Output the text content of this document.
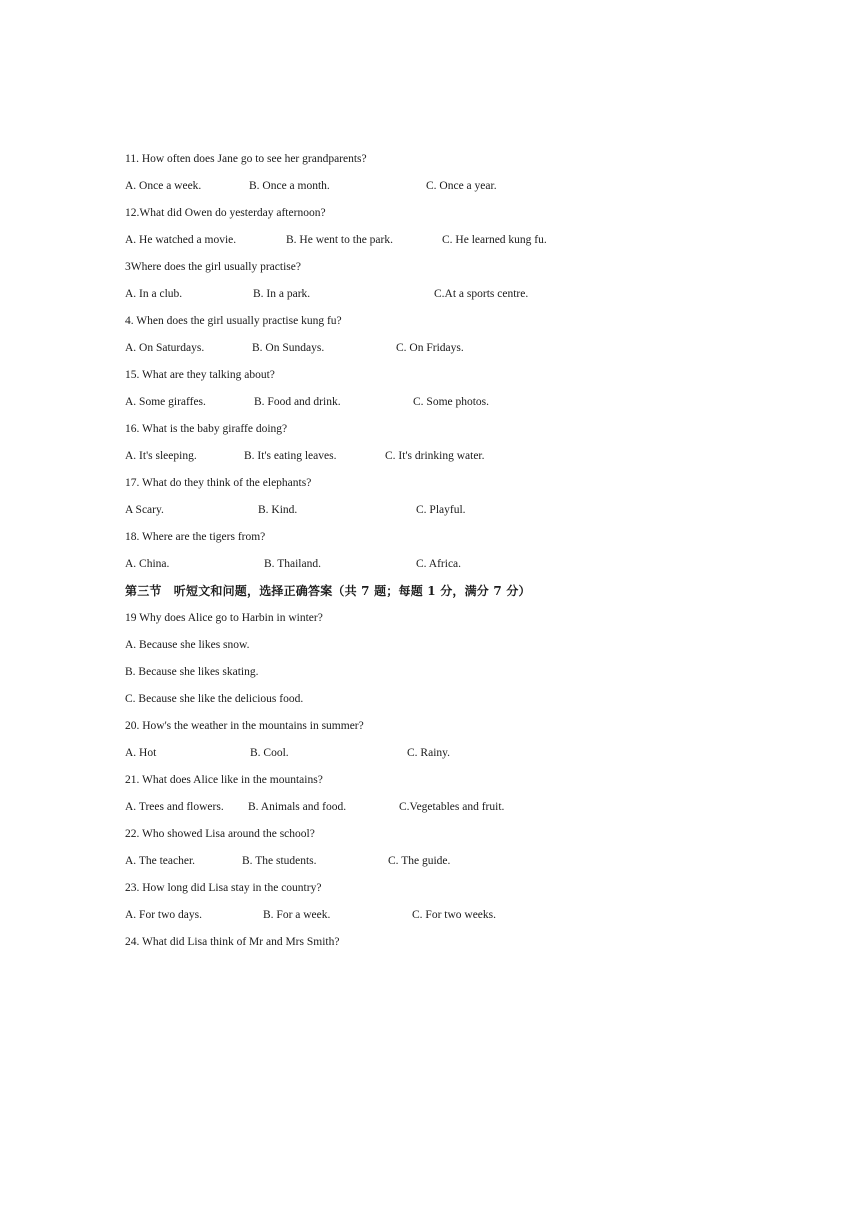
11. How often does Jane go to see her grandparents?
A. Once a week.	B. Once a month.	C. Once a year.
12.What did Owen do yesterday afternoon?
A. He watched a movie.	B. He went to the park.	C. He learned kung fu.
3Where does the girl usually practise?
A. In a club.	B. In a park.	C.At a sports centre.
4. When does the girl usually practise kung fu?
A. On Saturdays.	B. On Sundays.	C. On Fridays.
15. What are they talking about?
A. Some giraffes.	B. Food and drink.	C. Some photos.
16. What is the baby giraffe doing?
A. It's sleeping.	B. It's eating leaves.	C. It's drinking water.
17. What do they think of the elephants?
A Scary.	B. Kind.	C. Playful.
18. Where are the tigers from?
A. China.	B. Thailand.	C. Africa.
第三节　听短文和问题，选择正确答案（共 7 题；每题 1 分，满分 7 分）
19 Why does Alice go to Harbin in winter?
A. Because she likes snow.
B. Because she likes skating.
C. Because she like the delicious food.
20. How's the weather in the mountains in summer?
A. Hot	B. Cool.	C. Rainy.
21. What does Alice like in the mountains?
A. Trees and flowers. B. Animals and food.	C.Vegetables and fruit.
22. Who showed Lisa around the school?
A. The teacher.	B. The students.	C. The guide.
23. How long did Lisa stay in the country?
A. For two days.	B. For a week.	C. For two weeks.
24. What did Lisa think of Mr and Mrs Smith?
